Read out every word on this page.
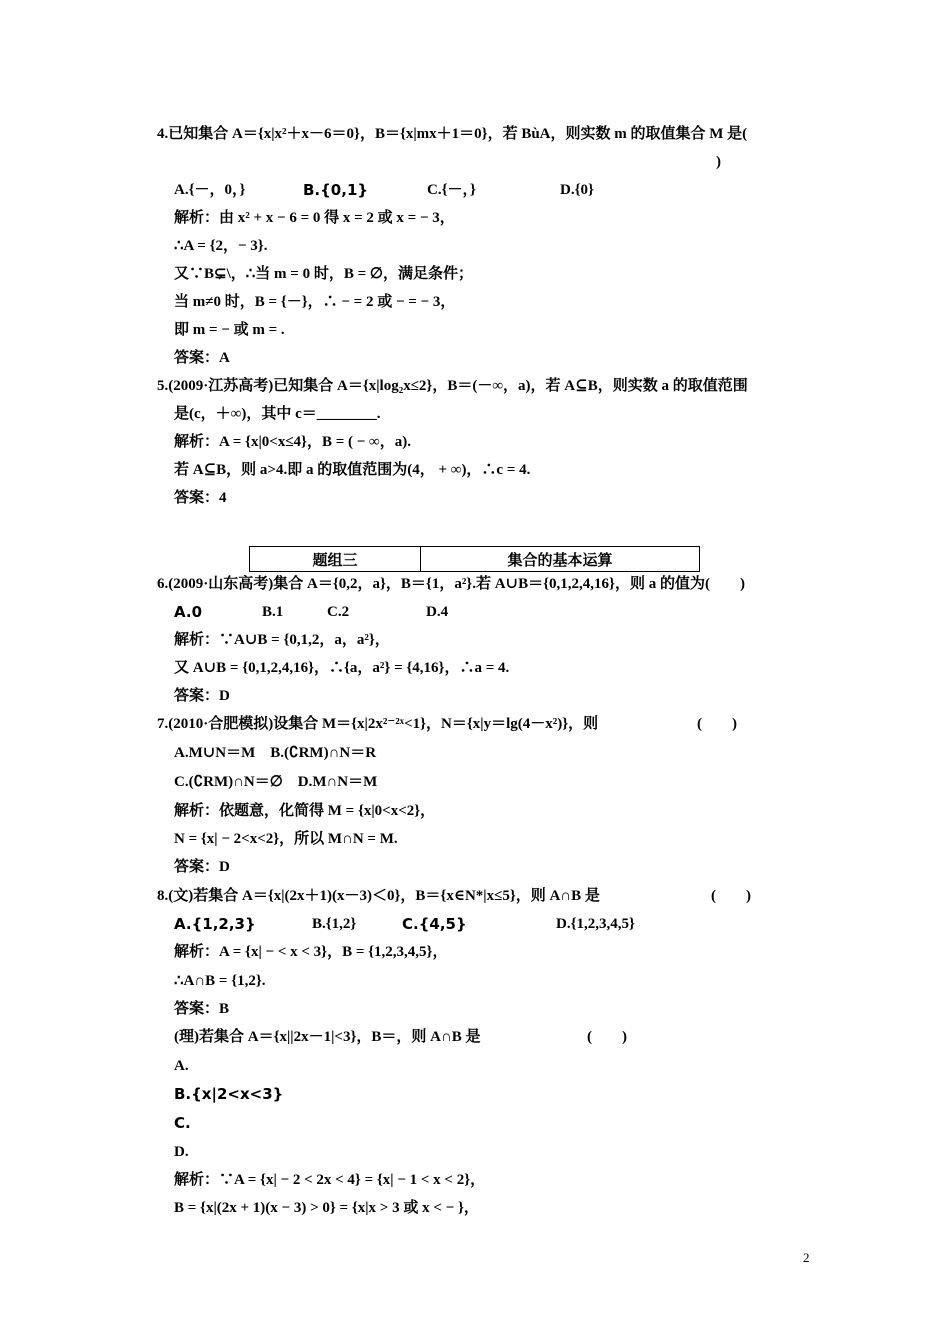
4.已知集合 A＝{x|x²＋x－6＝0}，B＝{x|mx＋1＝0}，若 BùA，则实数 m 的取值集合 M 是(
)
A.{－，0，}	B.{0,1}	C.{－，}	D.{0}
解析：由 x² + x − 6 = 0 得 x = 2 或 x = − 3，
∴A = {2，− 3}.
又∵B⊊\，∴当 m = 0 时，B = ∅，满足条件；
当 m≠0 时，B = {－}，∴ − = 2 或 − = − 3，
即 m = − 或 m = .
答案：A
5.(2009·江苏高考)已知集合 A＝{x|log₂x≤2}，B＝(－∞，a)，若 A⊆B，则实数 a 的取值范围
是(c，＋∞)，其中 c＝________.
解析：A = {x|0<x≤4}，B = ( − ∞，a).
若 A⊆B，则 a>4.即 a 的取值范围为(4， + ∞)，∴c = 4.
答案：4
题组三	集合的基本运算
6.(2009·山东高考)集合 A＝{0,2，a}，B＝{1，a²}.若 A∪B＝{0,1,2,4,16}，则 a 的值为(　　)
A.0	B.1	C.2	D.4
解析：∵A∪B = {0,1,2，a，a²}，
又 A∪B = {0,1,2,4,16}，∴{a，a²} = {4,16}，∴a = 4.
答案：D
7.(2010·合肥模拟)设集合 M＝{x|2x²⁻²ˣ<1}，N＝{x|y＝lg(4－x²)}，则	(　　)
A.M∪N＝M　B.(∁RM)∩N＝R
C.(∁RM)∩N＝∅　D.M∩N＝M
解析：依题意，化简得 M = {x|0<x<2}，
N = {x| − 2<x<2}，所以 M∩N = M.
答案：D
8.(文)若集合 A＝{x|(2x＋1)(x－3)＜0}，B＝{x∈N*|x≤5}，则 A∩B 是	(　　)
A.{1,2,3}	B.{1,2}	C.{4,5}	D.{1,2,3,4,5}
解析：A = {x| − < x < 3}，B = {1,2,3,4,5}，
∴A∩B = {1,2}.
答案：B
(理)若集合 A＝{x||2x－1|<3}，B＝，则 A∩B 是	(　　)
A.
B.{x|2<x<3}
C.
D.
解析：∵A = {x| − 2 < 2x < 4} = {x| − 1 < x < 2}，
B = {x|(2x + 1)(x − 3) > 0} = {x|x > 3 或 x < − }，
2
